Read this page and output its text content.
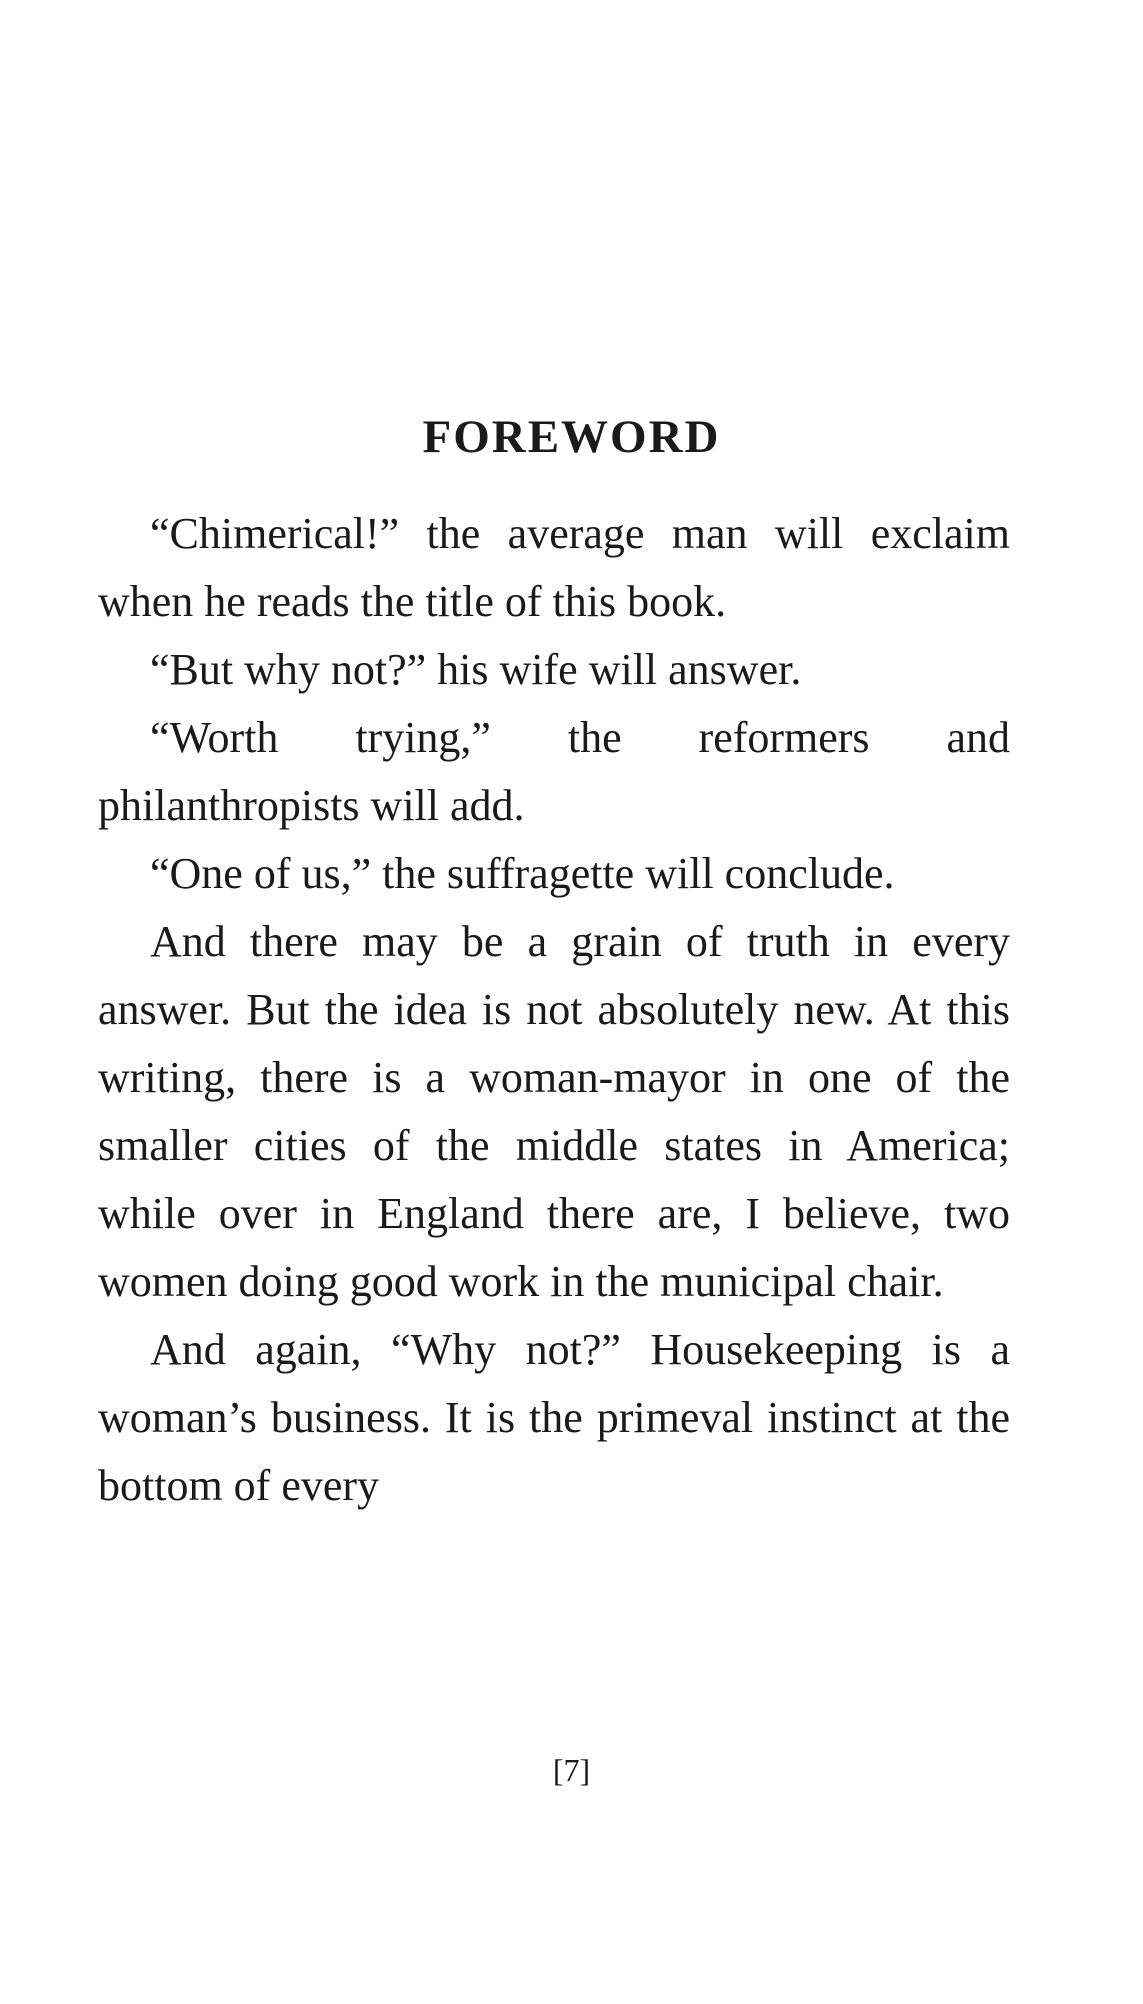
FOREWORD

“Chimerical!” the average man will exclaim when he reads the title of this book.

“But why not?” his wife will answer.

“Worth trying,” the reformers and philanthropists will add.

“One of us,” the suffragette will conclude.

And there may be a grain of truth in every answer. But the idea is not absolutely new. At this writing, there is a woman-mayor in one of the smaller cities of the middle states in America; while over in England there are, I believe, two women doing good work in the municipal chair.

And again, “Why not?” Housekeeping is a woman’s business. It is the primeval instinct at the bottom of every

[7]
